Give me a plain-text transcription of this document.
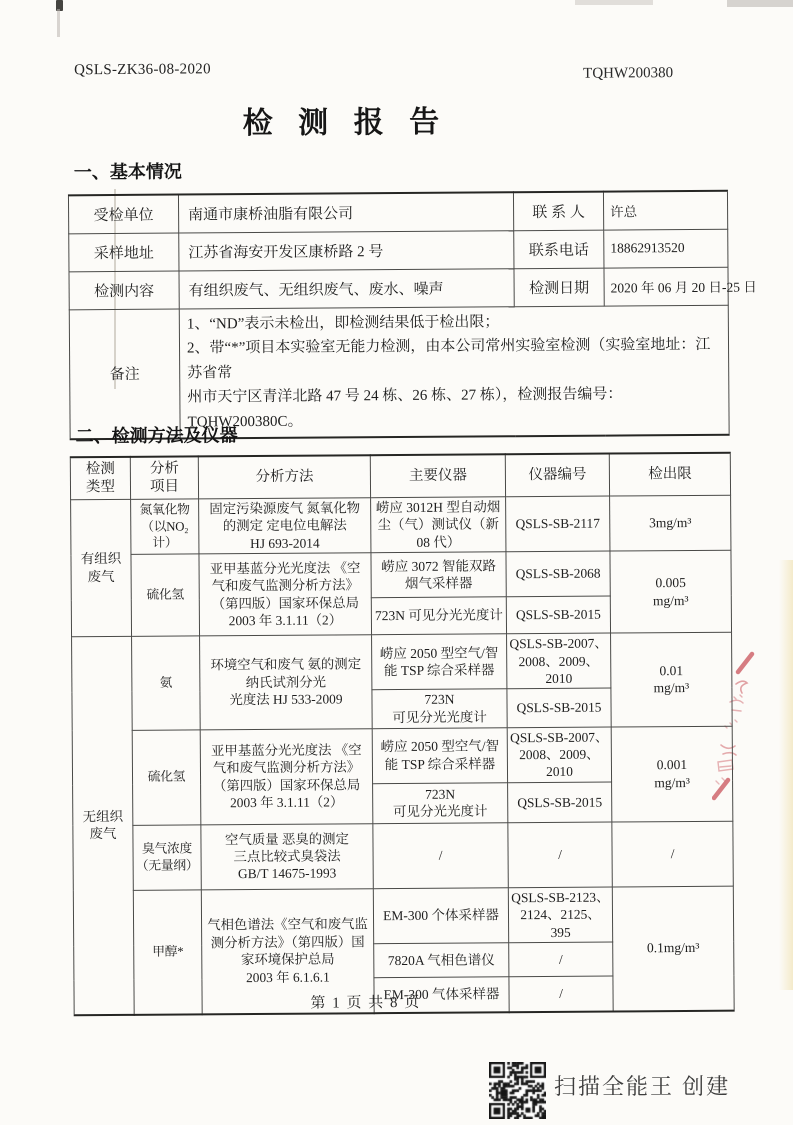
QSLS-ZK36-08-2020	TQHW200380
检 测 报 告
一、基本情况
受检单位	南通市康桥油脂有限公司	联 系 人	许总
采样地址	江苏省海安开发区康桥路 2 号	联系电话	18862913520
检测内容	有组织废气、无组织废气、废水、噪声	检测日期	2020 年 06 月 20 日-25 日
备注	1、“ND”表示未检出，即检测结果低于检出限；
2、带“*”项目本实验室无能力检测，由本公司常州实验室检测（实验室地址：江苏省常
州市天宁区青洋北路 47 号 24 栋、26 栋、27 栋），检测报告编号：TQHW200380C。		
二、检测方法及仪器
检测
类型	分析
项目	分析方法	主要仪器	仪器编号	检出限
有组织
废气	氮氧化物
（以NO₂计）	固定污染源废气 氮氧化物
的测定 定电位电解法
HJ 693-2014	崂应 3012H 型自动烟
尘（气）测试仪（新
08 代）	QSLS-SB-2117	3mg/m³
	硫化氢	亚甲基蓝分光光度法 《空
气和废气监测分析方法》
（第四版）国家环保总局
2003 年 3.1.11（2）	崂应 3072 智能双路
烟气采样器	QSLS-SB-2068	0.005
mg/m³
			723N 可见分光光度计	QSLS-SB-2015	
无组织
废气	氨	环境空气和废气 氨的测定
纳氏试剂分光
光度法 HJ 533-2009	崂应 2050 型空气/智
能 TSP 综合采样器	QSLS-SB-2007、
2008、2009、2010	0.01
mg/m³
			723N
可见分光光度计	QSLS-SB-2015	
	硫化氢	亚甲基蓝分光光度法 《空
气和废气监测分析方法》
（第四版）国家环保总局
2003 年 3.1.11（2）	崂应 2050 型空气/智
能 TSP 综合采样器	QSLS-SB-2007、
2008、2009、2010	0.001
mg/m³
			723N
可见分光光度计	QSLS-SB-2015	
	臭气浓度
（无量纲）	空气质量 恶臭的测定
三点比较式臭袋法
GB/T 14675-1993	/	/	/
	甲醇*	气相色谱法《空气和废气监
测分析方法》（第四版）国
家环境保护总局
2003 年 6.1.6.1	EM-300 个体采样器	QSLS-SB-2123、
2124、2125、395	0.1mg/m³
			7820A 气相色谱仪	/	
			EM-300 气体采样器	/	
第 1 页 共 8 页
扫描全能王 创建
